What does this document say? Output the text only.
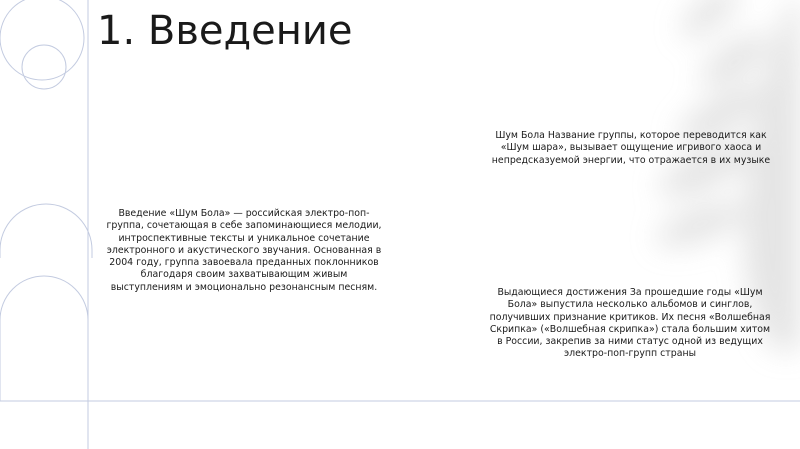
1. Введение

Введение «Шум Бола» — российская электро-поп-группа, сочетающая в себе запоминающиеся мелодии, интроспективные тексты и уникальное сочетание электронного и акустического звучания. Основанная в 2004 году, группа завоевала преданных поклонников благодаря своим захватывающим живым выступлениям и эмоционально резонансным песням.

Шум Бола Название группы, которое переводится как «Шум шара», вызывает ощущение игривого хаоса и непредсказуемой энергии, что отражается в их музыке

Выдающиеся достижения За прошедшие годы «Шум Бола» выпустила несколько альбомов и синглов, получивших признание критиков. Их песня «Волшебная Скрипка» («Волшебная скрипка») стала большим хитом в России, закрепив за ними статус одной из ведущих электро-поп-групп страны
